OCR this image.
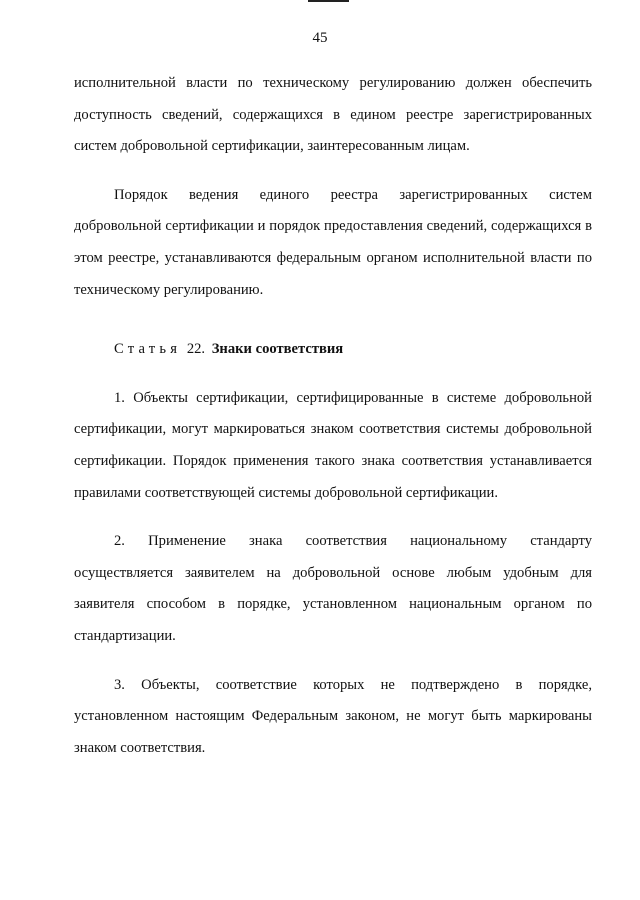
45

исполнительной власти по техническому регулированию должен обеспечить доступность сведений, содержащихся в едином реестре зарегистрированных систем добровольной сертификации, заинтересованным лицам.

Порядок ведения единого реестра зарегистрированных систем добровольной сертификации и порядок предоставления сведений, содержащихся в этом реестре, устанавливаются федеральным органом исполнительной власти по техническому регулированию.

Статья 22. Знаки соответствия

1. Объекты сертификации, сертифицированные в системе добровольной сертификации, могут маркироваться знаком соответствия системы добровольной сертификации. Порядок применения такого знака соответствия устанавливается правилами соответствующей системы добровольной сертификации.

2. Применение знака соответствия национальному стандарту осуществляется заявителем на добровольной основе любым удобным для заявителя способом в порядке, установленном национальным органом по стандартизации.

3. Объекты, соответствие которых не подтверждено в порядке, установленном настоящим Федеральным законом, не могут быть маркированы знаком соответствия.
